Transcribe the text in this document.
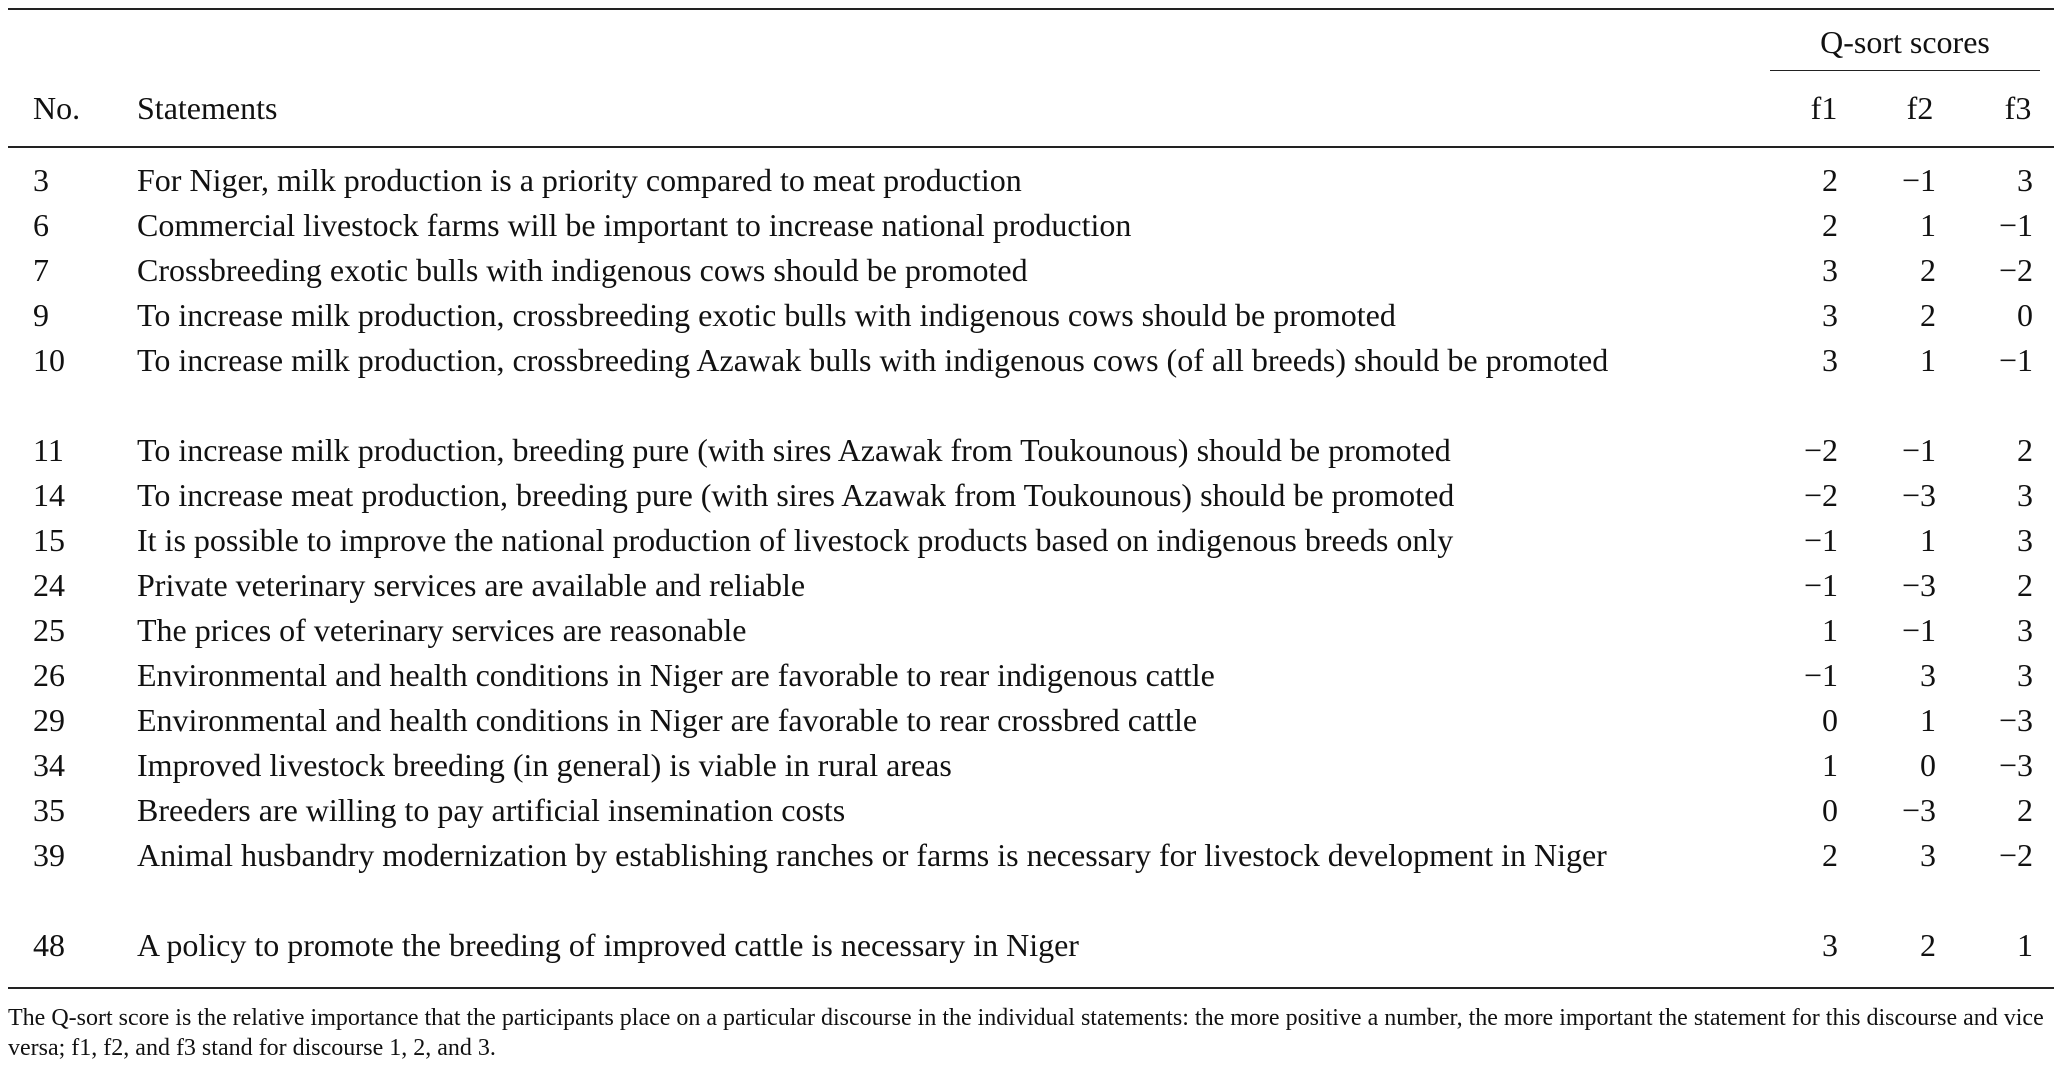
Q-sort scores
No. Statements	f1	f2	f3
3	For Niger, milk production is a priority compared to meat production	2	−1	3
6	Commercial livestock farms will be important to increase national production	2	1	−1
7	Crossbreeding exotic bulls with indigenous cows should be promoted	3	2	−2
9	To increase milk production, crossbreeding exotic bulls with indigenous cows should be promoted	3	2	0
10 To increase milk production, crossbreeding Azawak bulls with indigenous cows (of all breeds) should be promoted	3	1	−1
11 To increase milk production, breeding pure (with sires Azawak from Toukounous) should be promoted	−2	−1	2
14 To increase meat production, breeding pure (with sires Azawak from Toukounous) should be promoted	−2	−3	3
15 It is possible to improve the national production of livestock products based on indigenous breeds only	−1	1	3
24 Private veterinary services are available and reliable	−1	−3	2
25 The prices of veterinary services are reasonable	1	−1	3
26 Environmental and health conditions in Niger are favorable to rear indigenous cattle	−1	3	3
29 Environmental and health conditions in Niger are favorable to rear crossbred cattle	0	1	−3
34 Improved livestock breeding (in general) is viable in rural areas	1	0	−3
35 Breeders are willing to pay artificial insemination costs	0	−3	2
39 Animal husbandry modernization by establishing ranches or farms is necessary for livestock development in Niger	2	3	−2
48 A policy to promote the breeding of improved cattle is necessary in Niger	3	2	1
The Q-sort score is the relative importance that the participants place on a particular discourse in the individual statements: the more positive a number, the more important the statement for this discourse and vice versa; f1, f2, and f3 stand for discourse 1, 2, and 3.
